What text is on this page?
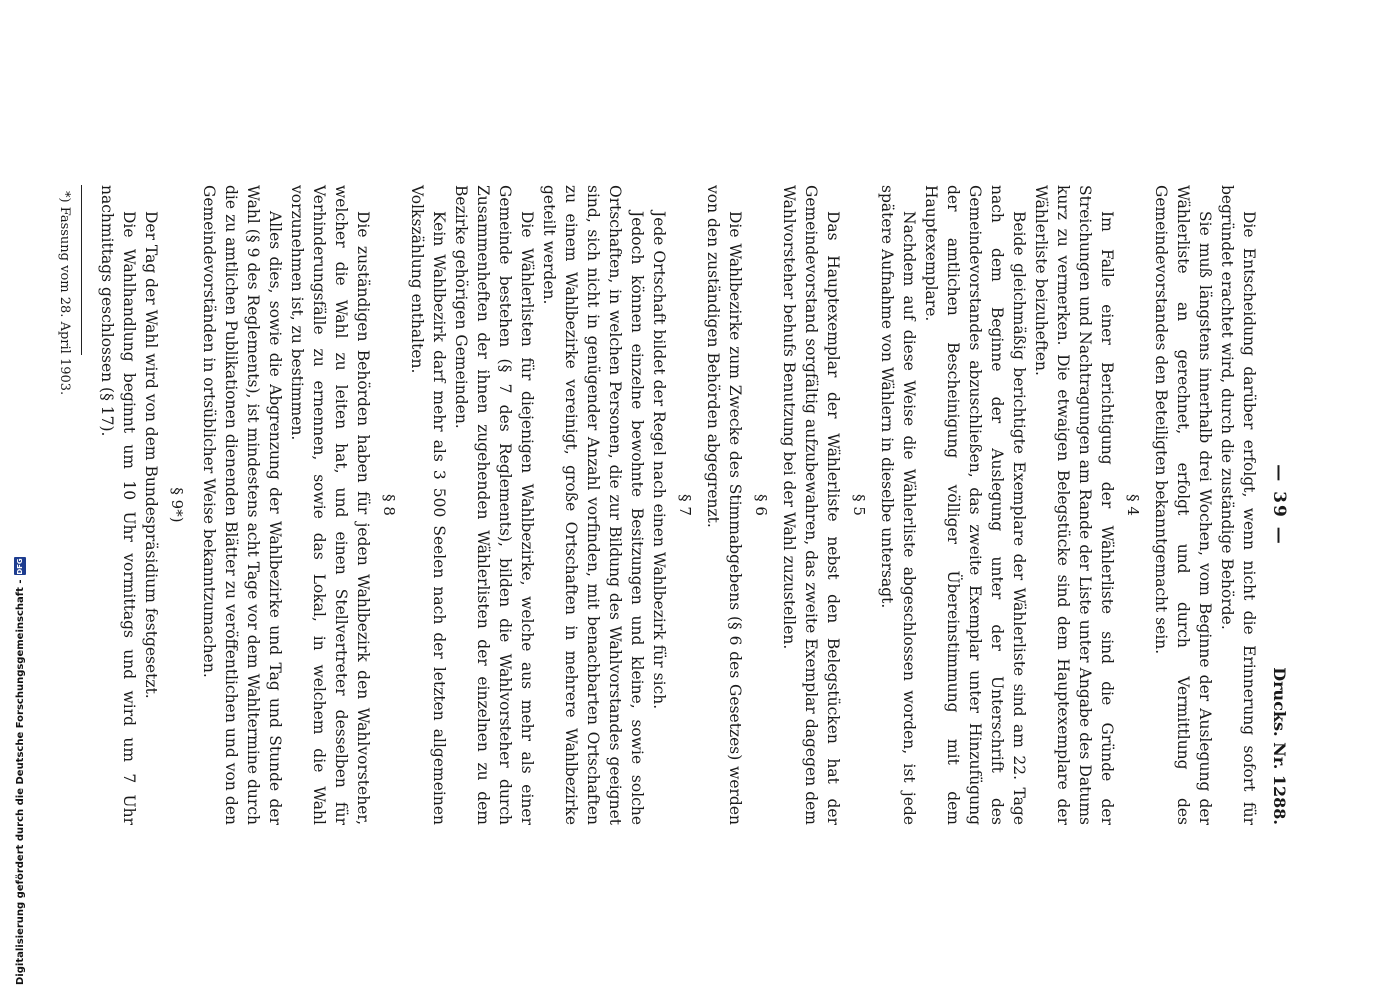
— 39 —
Drucks. Nr. 1288.

Die Entscheidung darüber erfolgt, wenn nicht die Erinnerung sofort für begründet erachtet wird, durch die zuständige Behörde.

Sie muß längstens innerhalb drei Wochen, vom Beginne der Auslegung der Wählerliste an gerechnet, erfolgt und durch Vermittlung des Gemeindevorstandes den Beteiligten bekanntgemacht sein.

§ 4

Im Falle einer Berichtigung der Wählerliste sind die Gründe der Streichungen und Nachtragungen am Rande der Liste unter Angabe des Datums kurz zu vermerken. Die etwaigen Belegstücke sind dem Hauptexemplare der Wählerliste beizuheften.

Beide gleichmäßig berichtigte Exemplare der Wählerliste sind am 22. Tage nach dem Beginne der Auslegung unter der Unterschrift des Gemeindevorstandes abzuschließen, das zweite Exemplar unter Hinzufügung der amtlichen Bescheinigung völliger Übereinstimmung mit dem Hauptexemplare.

Nachdem auf diese Weise die Wählerliste abgeschlossen worden, ist jede spätere Aufnahme von Wählern in dieselbe untersagt.

§ 5

Das Hauptexemplar der Wählerliste nebst den Belegstücken hat der Gemeindevorstand sorgfältig aufzubewahren, das zweite Exemplar dagegen dem Wahlvorsteher behufs Benutzung bei der Wahl zuzustellen.

§ 6

Die Wahlbezirke zum Zwecke des Stimmabgebens (§ 6 des Gesetzes) werden von den zuständigen Behörden abgegrenzt.

§ 7

Jede Ortschaft bildet der Regel nach einen Wahlbezirk für sich.

Jedoch können einzelne bewohnte Besitzungen und kleine, sowie solche Ortschaften, in welchen Personen, die zur Bildung des Wahlvorstandes geeignet sind, sich nicht in genügender Anzahl vorfinden, mit benachbarten Ortschaften zu einem Wahlbezirke vereinigt, große Ortschaften in mehrere Wahlbezirke geteilt werden.

Die Wählerlisten für diejenigen Wahlbezirke, welche aus mehr als einer Gemeinde bestehen (§ 7 des Reglements), bilden die Wahlvorsteher durch Zusammenheften der ihnen zugehenden Wählerlisten der einzelnen zu dem Bezirke gehörigen Gemeinden.

Kein Wahlbezirk darf mehr als 3 500 Seelen nach der letzten allgemeinen Volkszählung enthalten.

§ 8

Die zuständigen Behörden haben für jeden Wahlbezirk den Wahlvorsteher, welcher die Wahl zu leiten hat, und einen Stellvertreter desselben für Verhinderungsfälle zu ernennen, sowie das Lokal, in welchem die Wahl vorzunehmen ist, zu bestimmen.

Alles dies, sowie die Abgrenzung der Wahlbezirke und Tag und Stunde der Wahl (§ 9 des Reglements), ist mindestens acht Tage vor dem Wahltermine durch die zu amtlichen Publikationen dienenden Blätter zu veröffentlichen und von den Gemeindevorständen in ortsüblicher Weise bekanntzumachen.

§ 9*)

Der Tag der Wahl wird von dem Bundespräsidium festgesetzt.

Die Wahlhandlung beginnt um 10 Uhr vormittags und wird um 7 Uhr nachmittags geschlossen (§ 17).

*) Fassung vom 28. April 1903.
Digitalisierung gefördert durch die Deutsche Forschungsgemeinschaft -
DFG
